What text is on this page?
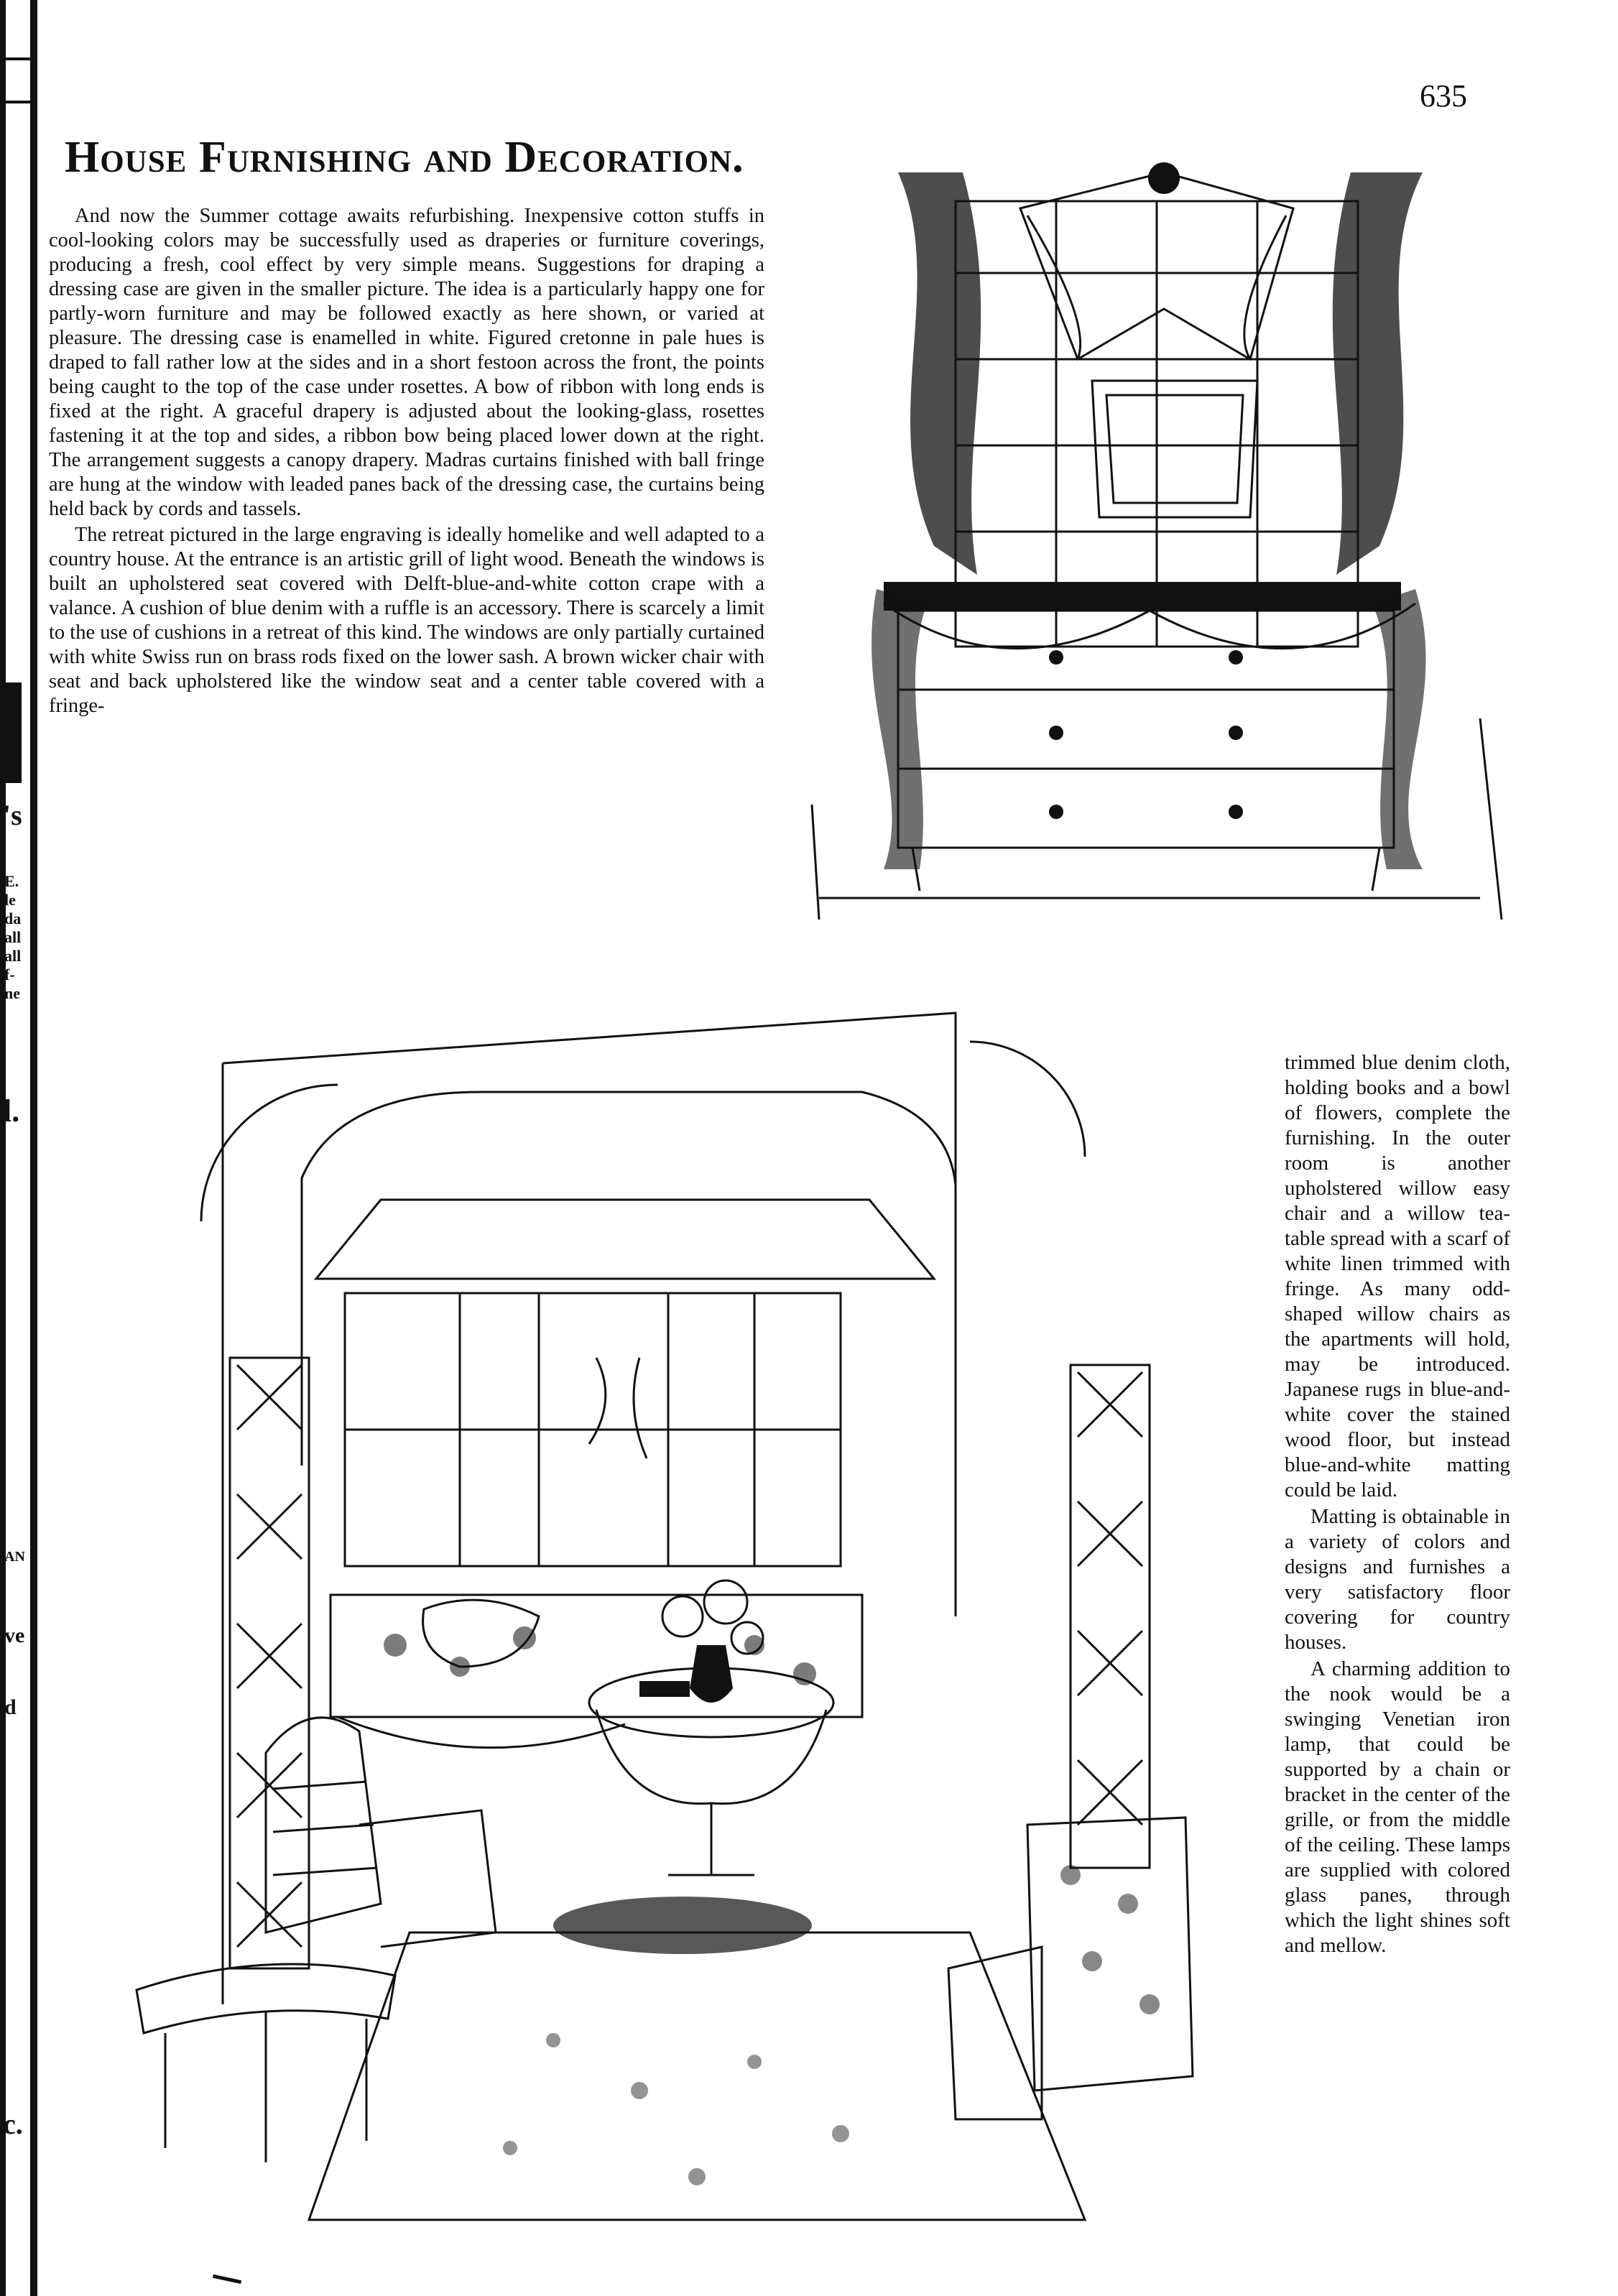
's
E.
le
da
all
all
f-
ne
l.
AN
ve
d
c.
635
House Furnishing and Decoration.

And now the Summer cottage awaits refurbishing. Inexpensive cotton stuffs in cool-looking colors may be successfully used as draperies or furniture coverings, producing a fresh, cool effect by very simple means. Suggestions for draping a dressing case are given in the smaller picture. The idea is a particularly happy one for partly-worn furniture and may be followed exactly as here shown, or varied at pleasure. The dressing case is enamelled in white. Figured cretonne in pale hues is draped to fall rather low at the sides and in a short festoon across the front, the points being caught to the top of the case under rosettes. A bow of ribbon with long ends is fixed at the right. A graceful drapery is adjusted about the looking-glass, rosettes fastening it at the top and sides, a ribbon bow being placed lower down at the right. The arrangement suggests a canopy drapery. Madras curtains finished with ball fringe are hung at the window with leaded panes back of the dressing case, the curtains being held back by cords and tassels.

The retreat pictured in the large engraving is ideally homelike and well adapted to a country house. At the entrance is an artistic grill of light wood. Beneath the windows is built an upholstered seat covered with Delft-blue-and-white cotton crape with a valance. A cushion of blue denim with a ruffle is an accessory. There is scarcely a limit to the use of cushions in a retreat of this kind. The windows are only partially curtained with white Swiss run on brass rods fixed on the lower sash. A brown wicker chair with seat and back upholstered like the window seat and a center table covered with a fringe-

trimmed blue denim cloth, holding books and a bowl of flowers, complete the furnishing. In the outer room is another upholstered willow easy chair and a willow tea-table spread with a scarf of white linen trimmed with fringe. As many odd-shaped willow chairs as the apartments will hold, may be introduced. Japanese rugs in blue-and-white cover the stained wood floor, but instead blue-and-white matting could be laid.

Matting is obtainable in a variety of colors and designs and furnishes a very satisfactory floor covering for country houses.

A charming addition to the nook would be a swinging Venetian iron lamp, that could be supported by a chain or bracket in the center of the grille, or from the middle of the ceiling. These lamps are supplied with colored glass panes, through which the light shines soft and mellow.
